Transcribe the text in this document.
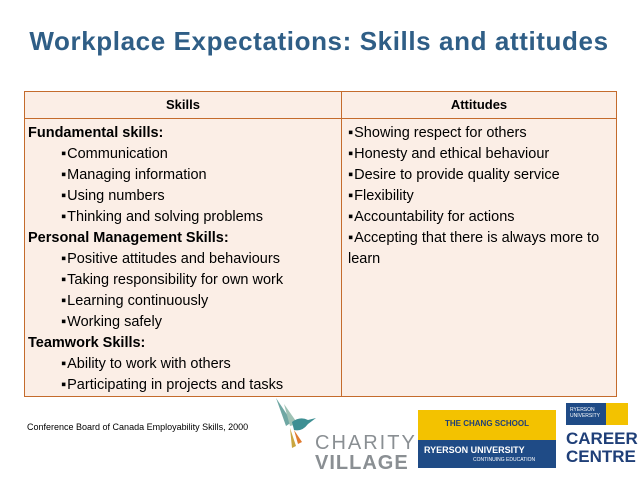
Workplace Expectations: Skills and attitudes
Skills	Attitudes
Fundamental skills:
▪ Communication
▪ Managing information
▪ Using numbers
▪ Thinking and solving problems
Personal Management Skills:
▪ Positive attitudes and behaviours
▪ Taking responsibility for own work
▪ Learning continuously
▪ Working safely
Teamwork Skills:
▪ Ability to work with others
▪ Participating in projects and tasks
▪ Showing respect for others
▪ Honesty and ethical behaviour
▪ Desire to provide quality service
▪ Flexibility
▪ Accountability for actions
▪ Accepting that there is always more to learn
Conference Board of Canada Employability Skills, 2000
CHARITY
VILLAGE
THE CHANG SCHOOL
RYERSON UNIVERSITY
CONTINUING EDUCATION
RYERSON
UNIVERSITY
CAREER
CENTRE
